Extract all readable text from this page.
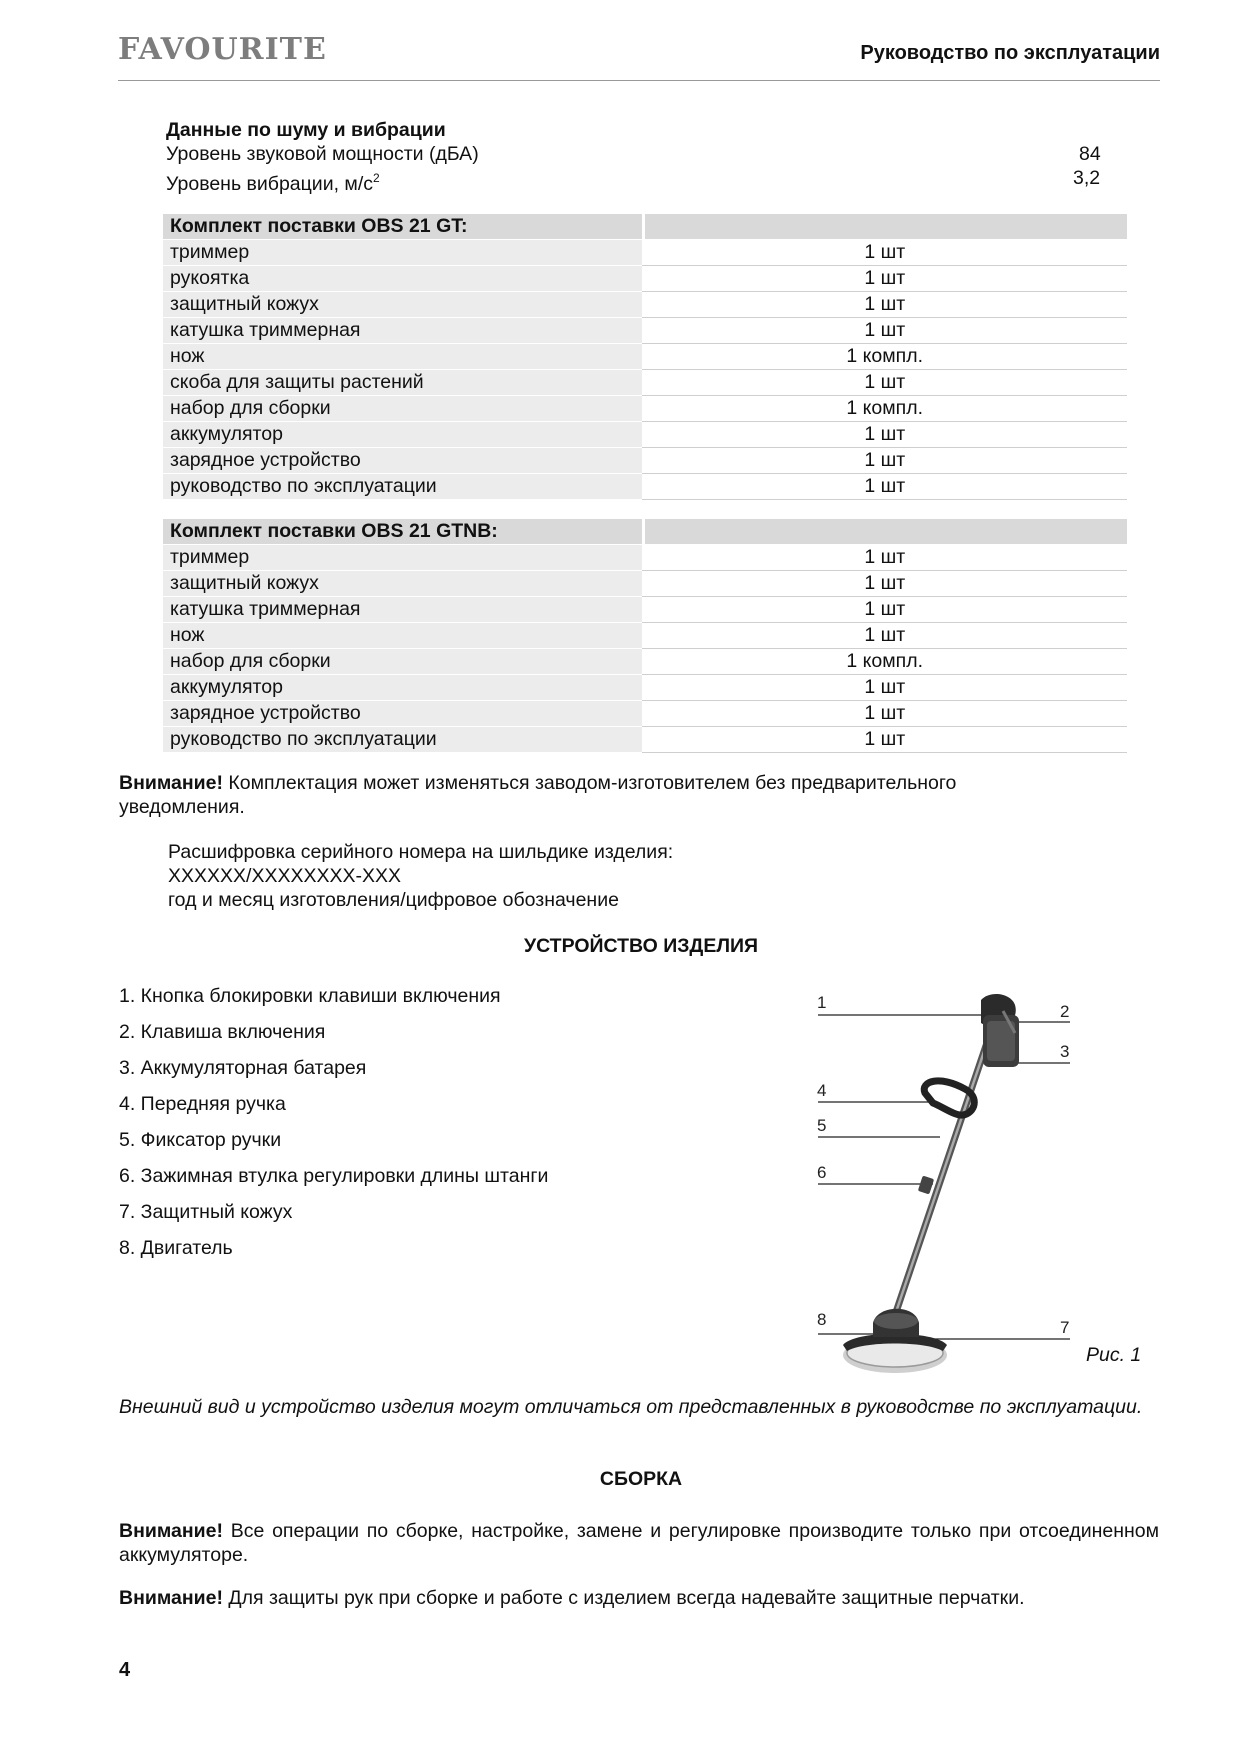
FAVOURITE	Руководство по эксплуатации
Данные по шуму и вибрации
Уровень звуковой мощности (дБА)	84
Уровень вибрации, $м/с^2$	3,2
Комплект поставки OBS 21 GT:	
триммер	1 шт
рукоятка	1 шт
защитный кожух	1 шт
катушка триммерная	1 шт
нож	1 компл.
скоба для защиты растений	1 шт
набор для сборки	1 компл.
аккумулятор	1 шт
зарядное устройство	1 шт
руководство по эксплуатации	1 шт
Комплект поставки OBS 21 GTNB:	
триммер	1 шт
защитный кожух	1 шт
катушка триммерная	1 шт
нож	1 шт
набор для сборки	1 компл.
аккумулятор	1 шт
зарядное устройство	1 шт
руководство по эксплуатации	1 шт
Внимание! Комплектация может изменяться заводом-изготовителем без предварительного
уведомления.
Расшифровка серийного номера на шильдике изделия:
XXXXXX/XXXXXXXX-XXX
год и месяц изготовления/цифровое обозначение
УСТРОЙСТВО ИЗДЕЛИЯ
1. Кнопка блокировки клавиши включения
2. Клавиша включения
3. Аккумуляторная батарея
4. Передняя ручка
5. Фиксатор ручки
6. Зажимная втулка регулировки длины штанги
7. Защитный кожух
8. Двигатель
1	2
3
4
5
6
7
8
Рис. 1
Внешний вид и устройство изделия могут отличаться от представленных в руководстве по эксплуатации.
СБОРКА
Внимание! Все операции по сборке, настройке, замене и регулировке производите только при отсоединенном аккумуляторе.
Внимание! Для защиты рук при сборке и работе с изделием всегда надевайте защитные перчатки.
4
